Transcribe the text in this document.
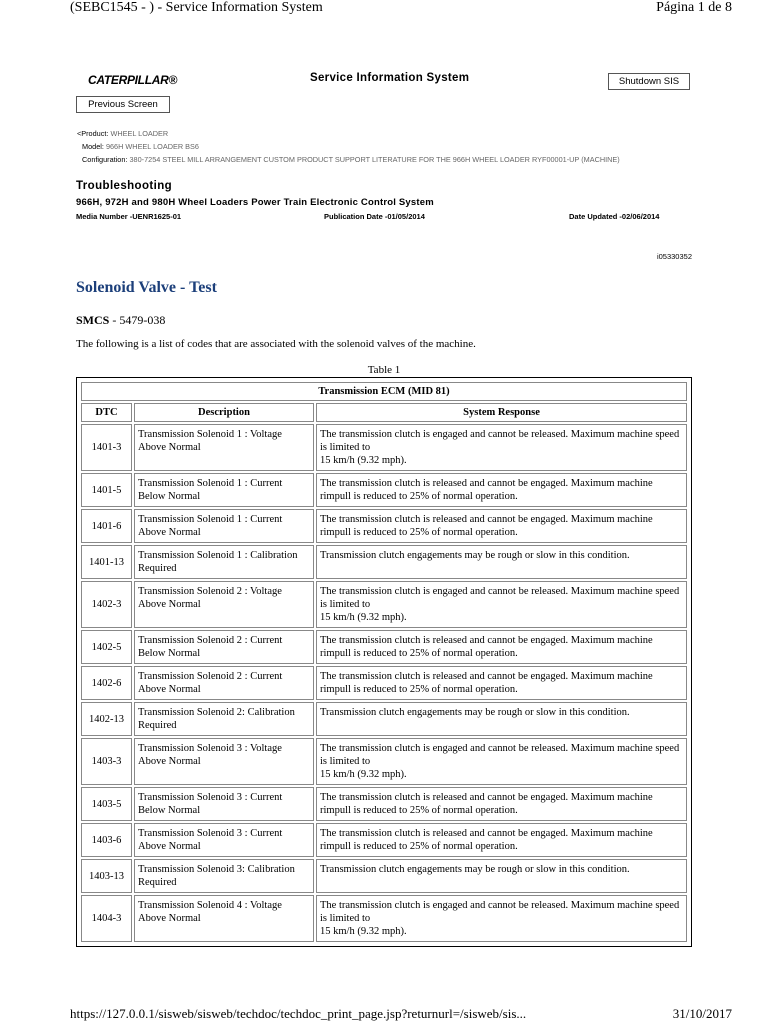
(SEBC1545 - ) - Service Information System	Página 1 de 8
CATERPILLAR®	Service Information System	Shutdown SIS
Previous Screen
<Product: WHEEL LOADER
Model: 966H WHEEL LOADER BS6
Configuration: 380-7254 STEEL MILL ARRANGEMENT CUSTOM PRODUCT SUPPORT LITERATURE FOR THE 966H WHEEL LOADER RYF00001-UP (MACHINE)
Troubleshooting
966H, 972H and 980H Wheel Loaders Power Train Electronic Control System
Media Number -UENR1625-01	Publication Date -01/05/2014	Date Updated -02/06/2014
i05330352
Solenoid Valve - Test
SMCS - 5479-038
The following is a list of codes that are associated with the solenoid valves of the machine.
Table 1
Transmission ECM (MID 81)		
DTC	Description	System Response
1401-3	Transmission Solenoid 1 : Voltage Above Normal	The transmission clutch is engaged and cannot be released. Maximum machine speed is limited to
15 km/h (9.32 mph).
1401-5	Transmission Solenoid 1 : Current Below Normal	The transmission clutch is released and cannot be engaged. Maximum machine rimpull is reduced to 25% of normal operation.
1401-6	Transmission Solenoid 1 : Current Above Normal	The transmission clutch is released and cannot be engaged. Maximum machine rimpull is reduced to 25% of normal operation.
1401-13	Transmission Solenoid 1 : Calibration Required	Transmission clutch engagements may be rough or slow in this condition.
1402-3	Transmission Solenoid 2 : Voltage Above Normal	The transmission clutch is engaged and cannot be released. Maximum machine speed is limited to
15 km/h (9.32 mph).
1402-5	Transmission Solenoid 2 : Current Below Normal	The transmission clutch is released and cannot be engaged. Maximum machine rimpull is reduced to 25% of normal operation.
1402-6	Transmission Solenoid 2 : Current Above Normal	The transmission clutch is released and cannot be engaged. Maximum machine rimpull is reduced to 25% of normal operation.
1402-13	Transmission Solenoid 2: Calibration Required	Transmission clutch engagements may be rough or slow in this condition.
1403-3	Transmission Solenoid 3 : Voltage Above Normal	The transmission clutch is engaged and cannot be released. Maximum machine speed is limited to
15 km/h (9.32 mph).
1403-5	Transmission Solenoid 3 : Current Below Normal	The transmission clutch is released and cannot be engaged. Maximum machine rimpull is reduced to 25% of normal operation.
1403-6	Transmission Solenoid 3 : Current Above Normal	The transmission clutch is released and cannot be engaged. Maximum machine rimpull is reduced to 25% of normal operation.
1403-13	Transmission Solenoid 3: Calibration Required	Transmission clutch engagements may be rough or slow in this condition.
1404-3	Transmission Solenoid 4 : Voltage Above Normal	The transmission clutch is engaged and cannot be released. Maximum machine speed is limited to
15 km/h (9.32 mph).
https://127.0.0.1/sisweb/sisweb/techdoc/techdoc_print_page.jsp?returnurl=/sisweb/sis...	31/10/2017
